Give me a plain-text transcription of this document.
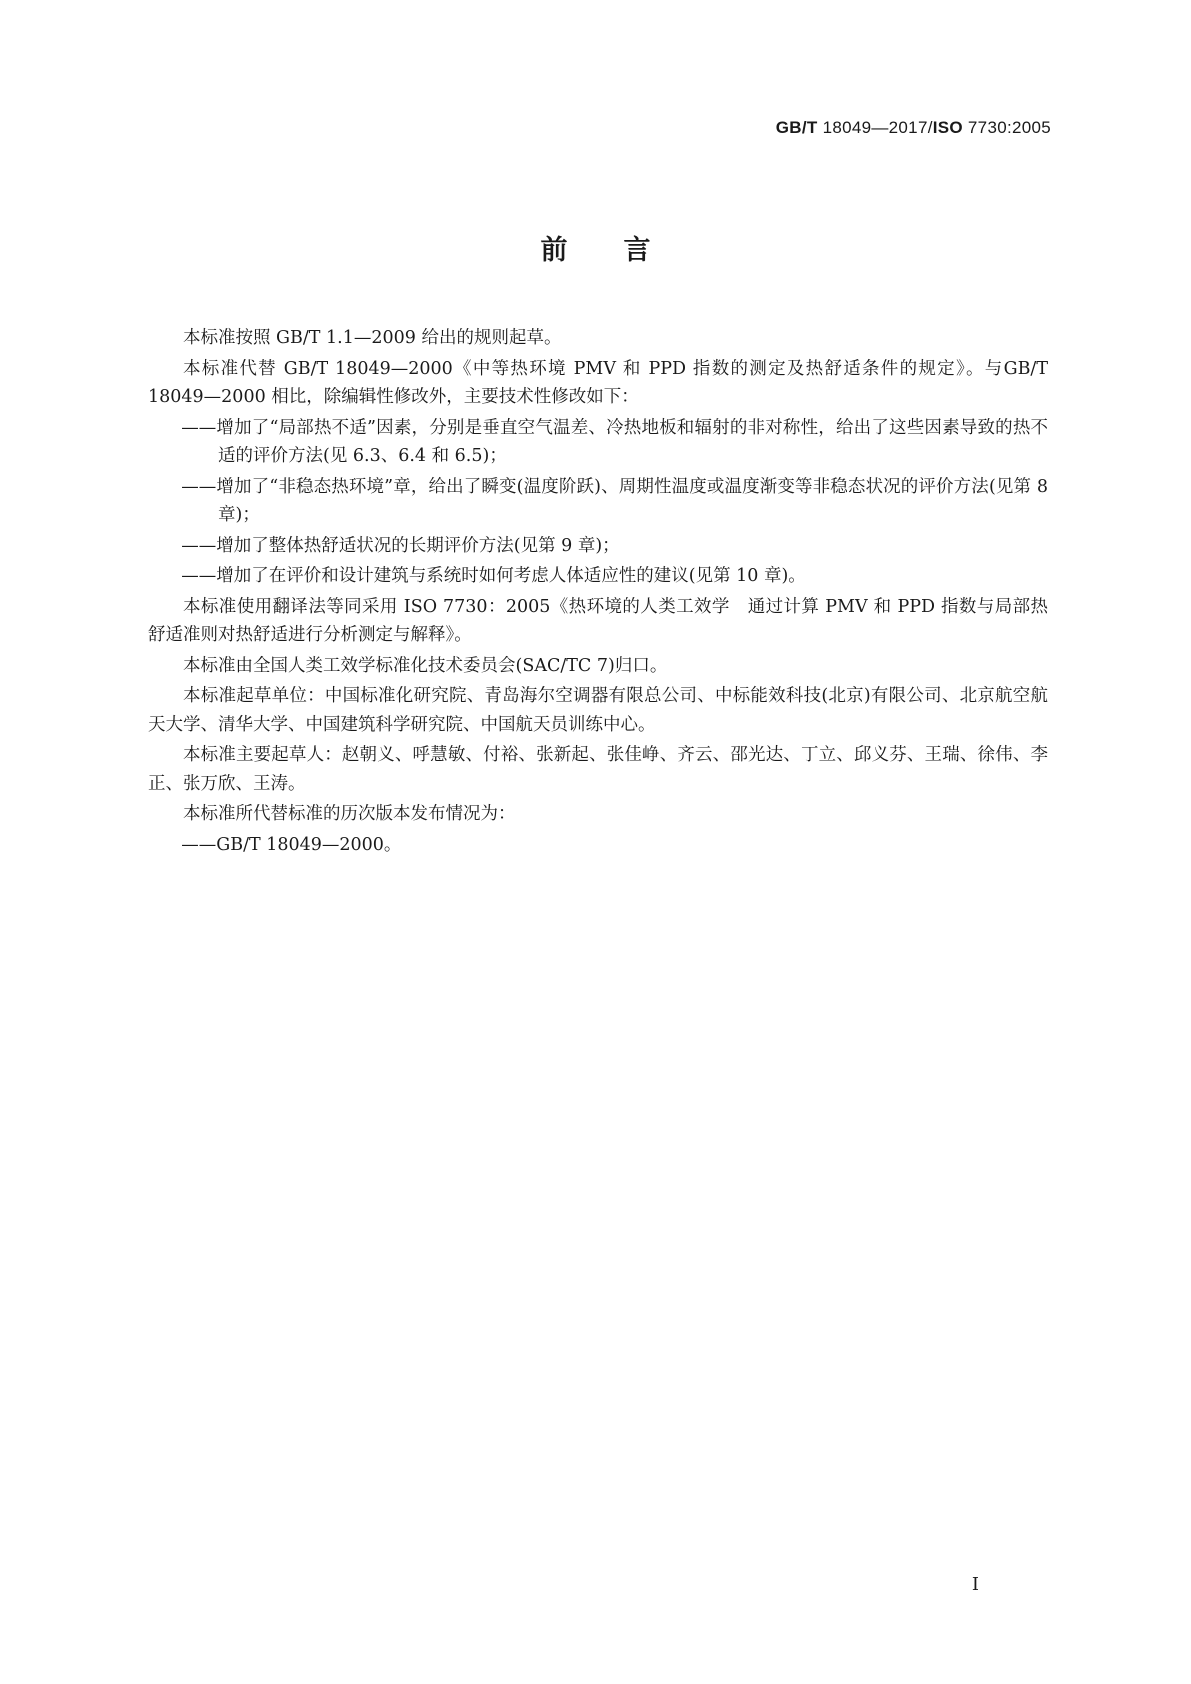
GB/T 18049—2017/ISO 7730:2005
前言

本标准按照 GB/T 1.1—2009 给出的规则起草。

本标准代替 GB/T 18049—2000《中等热环境 PMV 和 PPD 指数的测定及热舒适条件的规定》。与GB/T 18049—2000 相比，除编辑性修改外，主要技术性修改如下：

——增加了“局部热不适”因素，分别是垂直空气温差、冷热地板和辐射的非对称性，给出了这些因素导致的热不适的评价方法(见 6.3、6.4 和 6.5)；

——增加了“非稳态热环境”章，给出了瞬变(温度阶跃)、周期性温度或温度渐变等非稳态状况的评价方法(见第 8 章)；

——增加了整体热舒适状况的长期评价方法(见第 9 章)；

——增加了在评价和设计建筑与系统时如何考虑人体适应性的建议(见第 10 章)。

本标准使用翻译法等同采用 ISO 7730：2005《热环境的人类工效学　通过计算 PMV 和 PPD 指数与局部热舒适准则对热舒适进行分析测定与解释》。

本标准由全国人类工效学标准化技术委员会(SAC/TC 7)归口。

本标准起草单位：中国标准化研究院、青岛海尔空调器有限总公司、中标能效科技(北京)有限公司、北京航空航天大学、清华大学、中国建筑科学研究院、中国航天员训练中心。

本标准主要起草人：赵朝义、呼慧敏、付裕、张新起、张佳峥、齐云、邵光达、丁立、邱义芬、王瑞、徐伟、李正、张万欣、王涛。

本标准所代替标准的历次版本发布情况为：

——GB/T 18049—2000。

I
